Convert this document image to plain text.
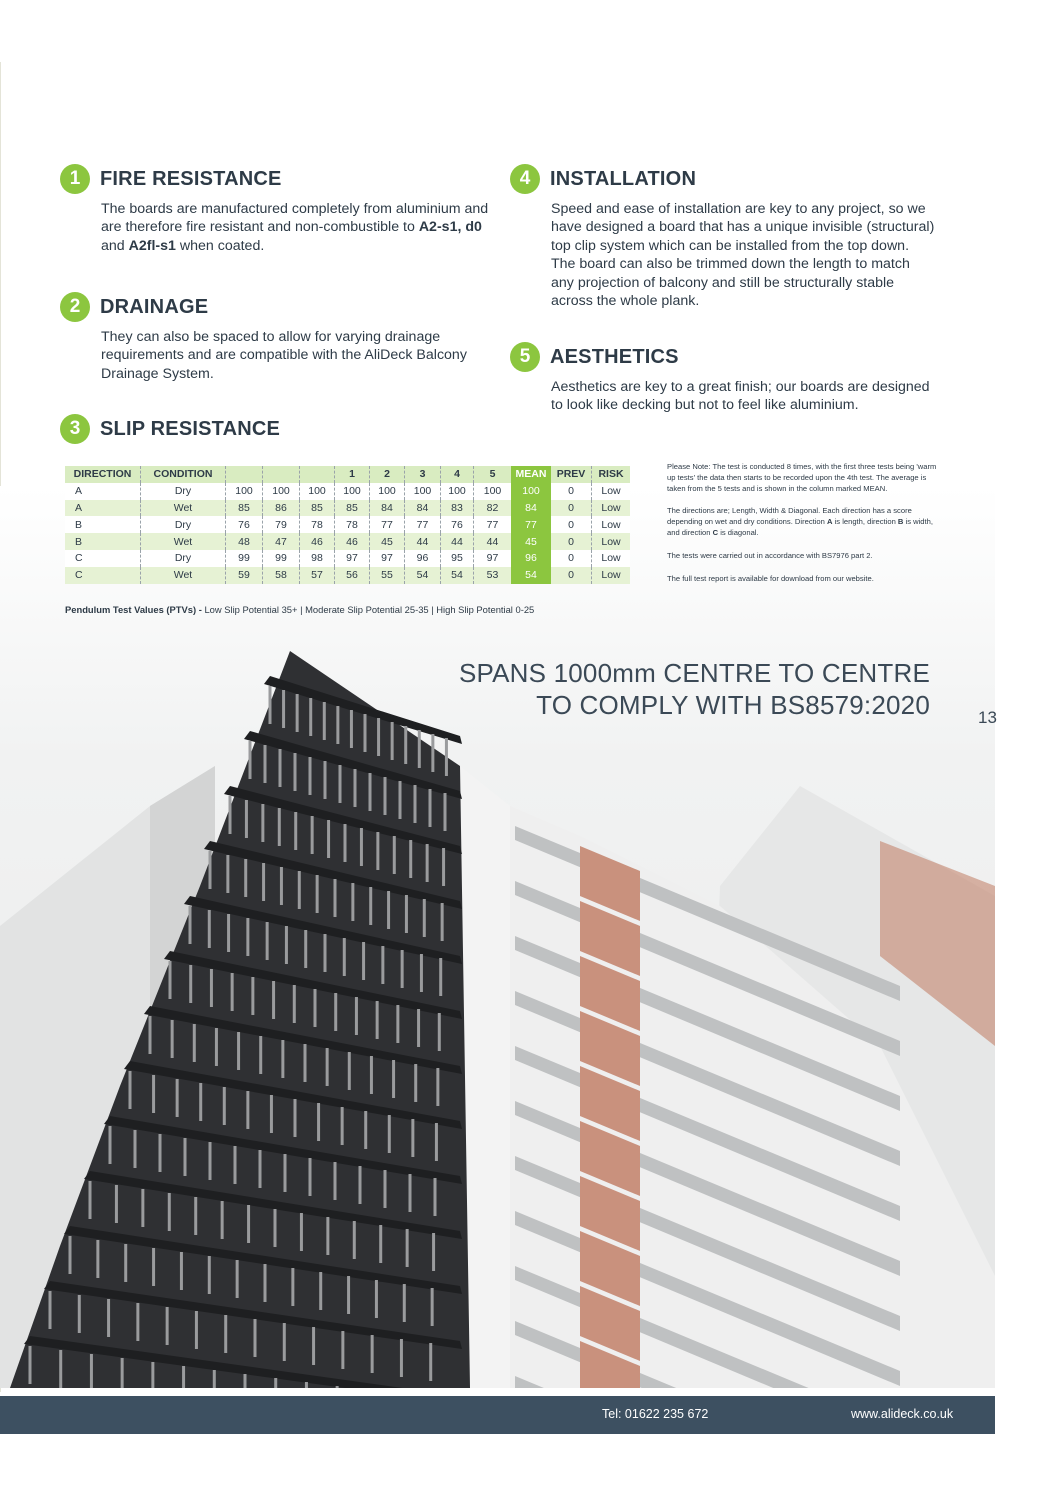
1 FIRE RESISTANCE
The boards are manufactured completely from aluminium and are therefore fire resistant and non-combustible to A2-s1, d0 and A2fl-s1 when coated.
2 DRAINAGE
They can also be spaced to allow for varying drainage requirements and are compatible with the AliDeck Balcony Drainage System.
3 SLIP RESISTANCE
4 INSTALLATION
Speed and ease of installation are key to any project, so we have designed a board that has a unique invisible (structural) top clip system which can be installed from the top down. The board can also be trimmed down the length to match any projection of balcony and still be structurally stable across the whole plank.
5 AESTHETICS
Aesthetics are key to a great finish; our boards are designed to look like decking but not to feel like aluminium.
DIRECTION	CONDITION				1	2	3	4	5	MEAN	PREV	RISK
A	Dry	100	100	100	100	100	100	100	100	100	0	Low
A	Wet	85	86	85	85	84	84	83	82	84	0	Low
B	Dry	76	79	78	78	77	77	76	77	77	0	Low
B	Wet	48	47	46	46	45	44	44	44	45	0	Low
C	Dry	99	99	98	97	97	96	95	97	96	0	Low
C	Wet	59	58	57	56	55	54	54	53	54	0	Low

Please Note: The test is conducted 8 times, with the first three tests being 'warm up tests' the data then starts to be recorded upon the 4th test. The average is taken from the 5 tests and is shown in the column marked MEAN.

The directions are; Length, Width & Diagonal. Each direction has a score depending on wet and dry conditions. Direction A is length, direction B is width, and direction C is diagonal.

The tests were carried out in accordance with BS7976 part 2.

The full test report is available for download from our website.

Pendulum Test Values (PTVs) - Low Slip Potential 35+ | Moderate Slip Potential 25-35 | High Slip Potential 0-25
SPANS 1000mm CENTRE TO CENTRE
TO COMPLY WITH BS8579:2020	13
Tel: 01622 235 672	www.alideck.co.uk
